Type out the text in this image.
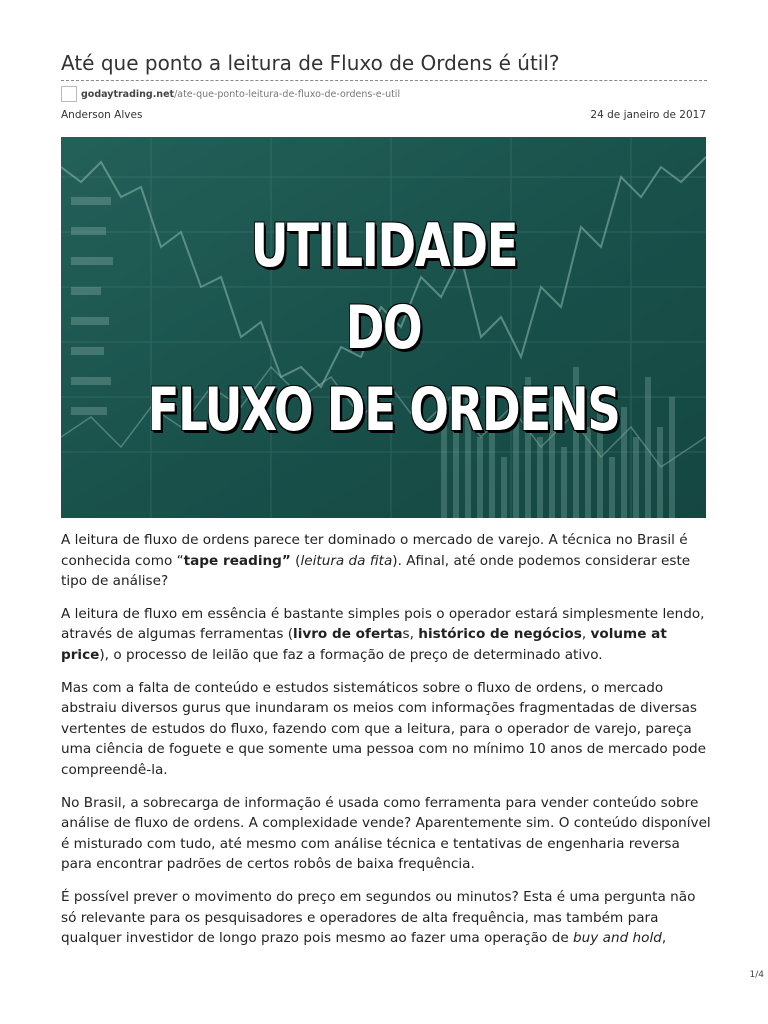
Até que ponto a leitura de Fluxo de Ordens é útil?
godaytrading.net /ate-que-ponto-leitura-de-fluxo-de-ordens-e-util
Anderson Alves	24 de janeiro de 2017
UTILIDADE
DO
FLUXO DE ORDENS

A leitura de fluxo de ordens parece ter dominado o mercado de varejo. A técnica no Brasil é conhecida como “tape reading” (leitura da fita). Afinal, até onde podemos considerar este tipo de análise?

A leitura de fluxo em essência é bastante simples pois o operador estará simplesmente lendo, através de algumas ferramentas (livro de ofertas, histórico de negócios, volume at price), o processo de leilão que faz a formação de preço de determinado ativo.

Mas com a falta de conteúdo e estudos sistemáticos sobre o fluxo de ordens, o mercado abstraiu diversos gurus que inundaram os meios com informações fragmentadas de diversas vertentes de estudos do fluxo, fazendo com que a leitura, para o operador de varejo, pareça uma ciência de foguete e que somente uma pessoa com no mínimo 10 anos de mercado pode compreendê-la.

No Brasil, a sobrecarga de informação é usada como ferramenta para vender conteúdo sobre análise de fluxo de ordens. A complexidade vende? Aparentemente sim. O conteúdo disponível é misturado com tudo, até mesmo com análise técnica e tentativas de engenharia reversa para encontrar padrões de certos robôs de baixa frequência.

É possível prever o movimento do preço em segundos ou minutos? Esta é uma pergunta não só relevante para os pesquisadores e operadores de alta frequência, mas também para qualquer investidor de longo prazo pois mesmo ao fazer uma operação de buy and hold,

1/4
